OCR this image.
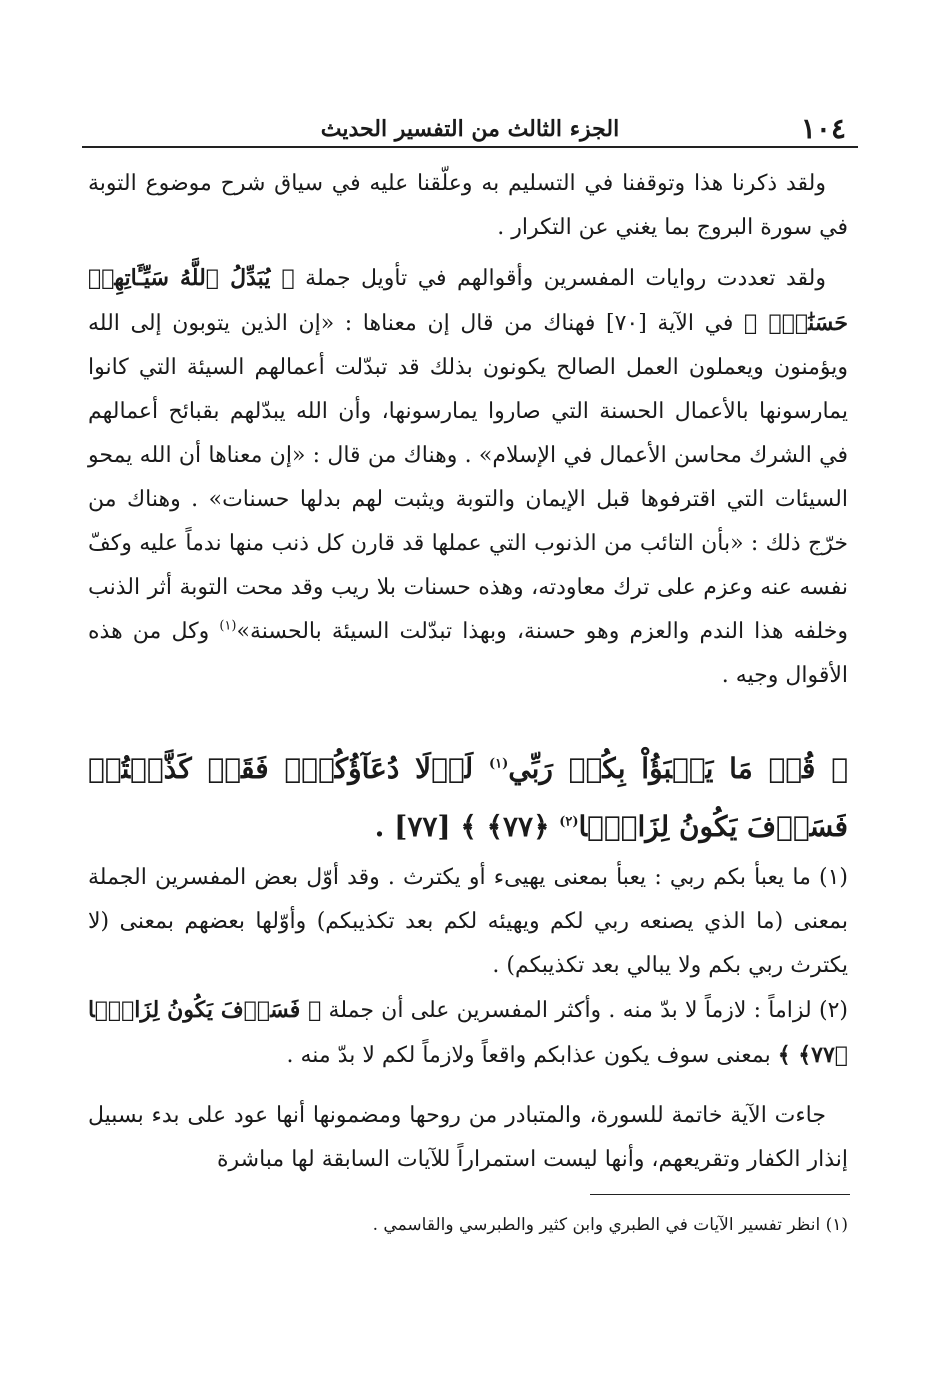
١٠٤
الجزء الثالث من التفسير الحديث

ولقد ذكرنا هذا وتوقفنا في التسليم به وعلّقنا عليه في سياق شرح موضوع التوبة في سورة البروج بما يغني عن التكرار .

ولقد تعددت روايات المفسرين وأقوالهم في تأويل جملة ﴿ يُبَدِّلُ ٱللَّهُ سَيِّـَٔاتِهِمۡ حَسَنَٰتٖۗ ﴾ في الآية [٧٠] فهناك من قال إن معناها : «إن الذين يتوبون إلى الله ويؤمنون ويعملون العمل الصالح يكونون بذلك قد تبدّلت أعمالهم السيئة التي كانوا يمارسونها بالأعمال الحسنة التي صاروا يمارسونها، وأن الله يبدّلهم بقبائح أعمالهم في الشرك محاسن الأعمال في الإسلام» . وهناك من قال : «إن معناها أن الله يمحو السيئات التي اقترفوها قبل الإيمان والتوبة ويثبت لهم بدلها حسنات» . وهناك من خرّج ذلك : «بأن التائب من الذنوب التي عملها قد قارن كل ذنب منها ندماً عليه وكفّ نفسه عنه وعزم على ترك معاودته، وهذه حسنات بلا ريب وقد محت التوبة أثر الذنب وخلفه هذا الندم والعزم وهو حسنة، وبهذا تبدّلت السيئة بالحسنة»$^{(١)}$ وكل من هذه الأقوال وجيه .

﴿ قُلۡ مَا يَعۡبَؤُاْ بِكُمۡ رَبِّي$^{(١)}$ لَوۡلَا دُعَآؤُكُمۡۖ فَقَدۡ كَذَّبۡتُمۡ فَسَوۡفَ يَكُونُ لِزَامَۢا$^{(٢)}$ ﴿٧٧﴾ ﴾ [٧٧] .

(١) ما يعبأ بكم ربي : يعبأ بمعنى يهيىء أو يكترث . وقد أوّل بعض المفسرين الجملة بمعنى (ما الذي يصنعه ربي لكم ويهيئه لكم بعد تكذيبكم) وأوّلها بعضهم بمعنى (لا يكترث ربي بكم ولا يبالي بعد تكذيبكم) .

(٢) لزاماً : لازماً لا بدّ منه . وأكثر المفسرين على أن جملة ﴿ فَسَوۡفَ يَكُونُ لِزَامَۢا ﴿٧٧﴾ ﴾ بمعنى سوف يكون عذابكم واقعاً ولازماً لكم لا بدّ منه .

جاءت الآية خاتمة للسورة، والمتبادر من روحها ومضمونها أنها عود على بدء بسبيل إنذار الكفار وتقريعهم، وأنها ليست استمراراً للآيات السابقة لها مباشرة

(١) انظر تفسير الآيات في الطبري وابن كثير والطبرسي والقاسمي .
